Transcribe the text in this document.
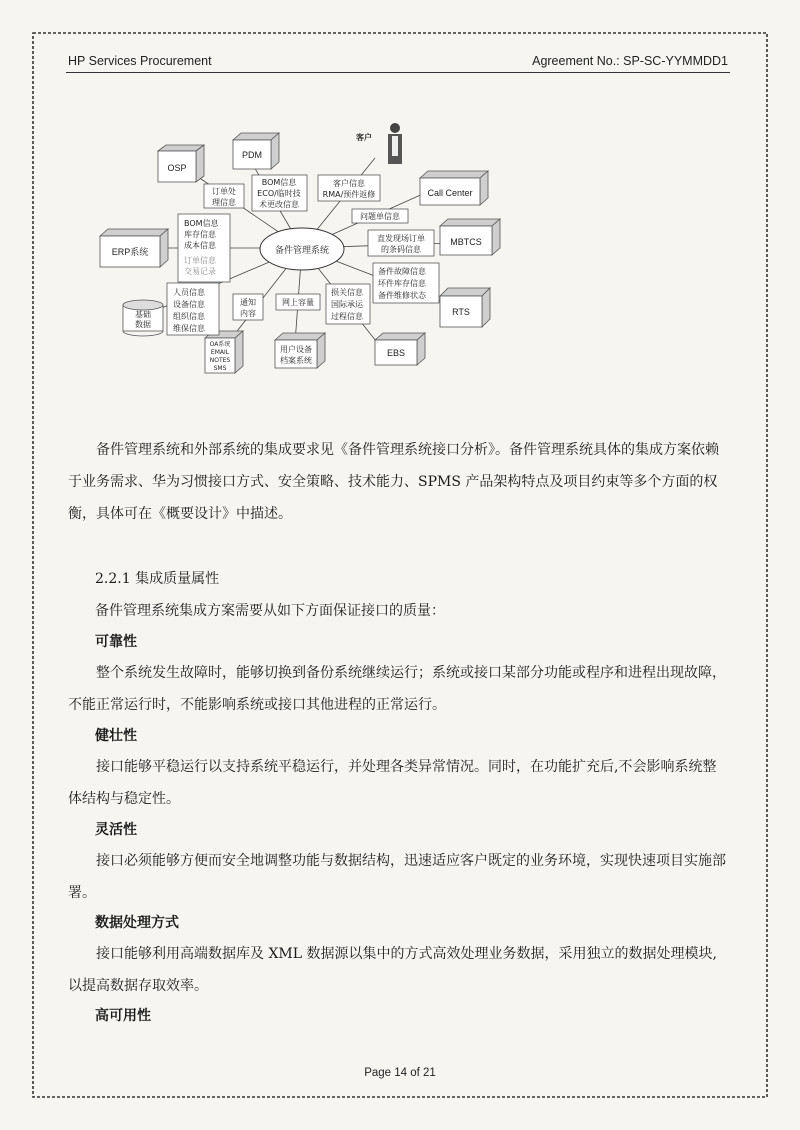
HP Services Procurement	Agreement No.: SP-SC-YYMMDD1
备件管理系统
OSP
PDM
ERP系统
Call Center
MBTCS
RTS
EBS
用户设备
档案系统
OA系统
EMAIL
NOTES
SMS
基础
数据
客户
订单处
理信息
BOM信息
ECO/临时技
术更改信息
客户信息
RMA/预件返修
问题单信息
BOM信息
库存信息
成本信息
订单信息
交易记录
直发现场订单
的条码信息
人员信息
设备信息
组织信息
维保信息
备件故障信息
坏件库存信息
备件维修状态
通知
内容
网上容量
损关信息
国际承运
过程信息
备件管理系统和外部系统的集成要求见《备件管理系统接口分析》。备件管理系统具体的集成方案依赖于业务需求、华为习惯接口方式、安全策略、技术能力、SPMS 产品架构特点及项目约束等多个方面的权衡，具体可在《概要设计》中描述。
2.2.1 集成质量属性
备件管理系统集成方案需要从如下方面保证接口的质量：
可靠性
整个系统发生故障时，能够切换到备份系统继续运行；系统或接口某部分功能或程序和进程出现故障，不能正常运行时，不能影响系统或接口其他进程的正常运行。
健壮性
接口能够平稳运行以支持系统平稳运行，并处理各类异常情况。同时，在功能扩充后,不会影响系统整体结构与稳定性。
灵活性
接口必须能够方便而安全地调整功能与数据结构，迅速适应客户既定的业务环境，实现快速项目实施部署。
数据处理方式
接口能够利用高端数据库及 XML 数据源以集中的方式高效处理业务数据，采用独立的数据处理模块,以提高数据存取效率。
高可用性
Page 14 of 21
